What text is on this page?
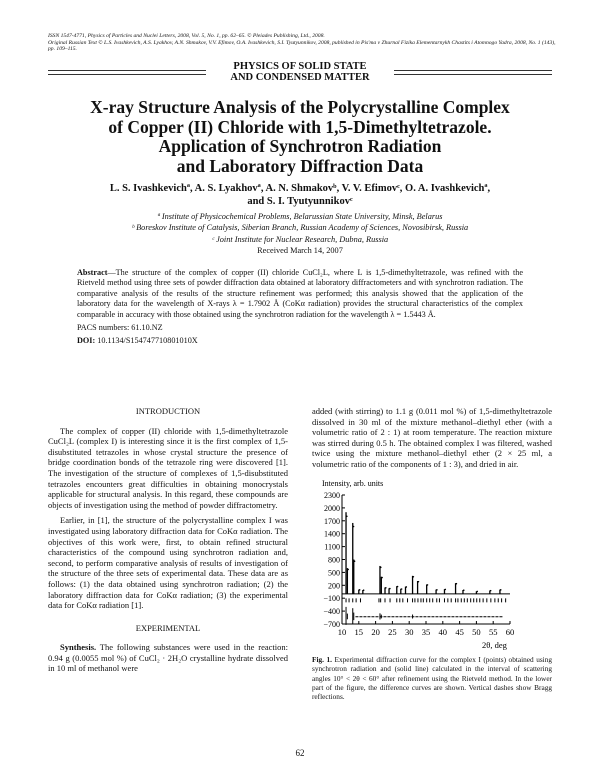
ISSN 1547-4771, Physics of Particles and Nuclei Letters, 2008, Vol. 5, No. 1, pp. 62–65. © Pleiades Publishing, Ltd., 2008.
Original Russian Text © L.S. Ivashkevich, A.S. Lyakhov, A.N. Shmakov, V.V. Efimov, O.A. Ivashkevich, S.I. Tyutyunnikov, 2008, published in Pis'ma v Zhurnal Fizika Elementarnykh Chastits i Atomnogo Yadra, 2008, No. 1 (143), pp. 109–115.
PHYSICS OF SOLID STATE
AND CONDENSED MATTER
X-ray Structure Analysis of the Polycrystalline Complex
of Copper (II) Chloride with 1,5-Dimethyltetrazole.
Application of Synchrotron Radiation
and Laboratory Diffraction Data
L. S. Ivashkevichª, A. S. Lyakhovª, A. N. Shmakovᵇ, V. V. Efimovᶜ, O. A. Ivashkevichª,
and S. I. Tyutyunnikovᶜ
ª Institute of Physicochemical Problems, Belarussian State University, Minsk, Belarus
ᵇ Boreskov Institute of Catalysis, Siberian Branch, Russian Academy of Sciences, Novosibirsk, Russia
ᶜ Joint Institute for Nuclear Research, Dubna, Russia
Received March 14, 2007

Abstract—The structure of the complex of copper (II) chloride CuCl₂L, where L is 1,5-dimethyltetrazole, was refined with the Rietveld method using three sets of powder diffraction data obtained at laboratory diffractometers and with synchrotron radiation. The comparative analysis of the results of the structure refinement was performed; this analysis showed that the application of the laboratory data for the wavelength of X-rays λ = 1.7902 Å (CoKα radiation) provides the structural characteristics of the complex comparable in accuracy with those obtained using the synchrotron radiation for the wavelength λ = 1.5443 Å.

PACS numbers: 61.10.NZ

DOI: 10.1134/S154747710801010X

INTRODUCTION

The complex of copper (II) chloride with 1,5-dimethyltetrazole CuCl₂L (complex I) is interesting since it is the first complex of 1,5-disubstituted tetrazoles in whose crystal structure the presence of bridge coordination bonds of the tetrazole ring were discovered [1]. The investigation of the structure of complexes of 1,5-disubstituted tetrazoles encounters great difficulties in obtaining monocrystals applicable for structural analysis. In this regard, these compounds are objects of investigation using the method of powder diffractometry.

Earlier, in [1], the structure of the polycrystalline complex I was investigated using laboratory diffraction data for CoKα radiation. The objectives of this work were, first, to obtain refined structural characteristics of the compound using synchrotron radiation and, second, to perform comparative analysis of results of investigation of the structure of the three sets of experimental data. These data are as follows: (1) the data obtained using synchrotron radiation; (2) the laboratory diffraction data for CoKα radiation; (3) the experimental data for CoKα radiation [1].

EXPERIMENTAL

Synthesis. The following substances were used in the reaction: 0.94 g (0.0055 mol %) of CuCl₂ · 2H₂O crystalline hydrate dissolved in 10 ml of methanol were

added (with stirring) to 1.1 g (0.011 mol %) of 1,5-dimethyltetrazole dissolved in 30 ml of the mixture methanol–diethyl ether (with a volumetric ratio of 2 : 1) at room temperature. The reaction mixture was stirred during 0.5 h. The obtained complex I was filtered, washed twice using the mixture methanol–diethyl ether (2 × 25 ml, a volumetric ratio of the components of 1 : 3), and dried in air.

Intensity, arb. units
2θ, deg
2300
2000
1700
1400
1100
800
500
200
−100
−400
−700
10 15 20 25 30 35 40 45 50 55 60
Fig. 1. Experimental diffraction curve for the complex I (points) obtained using synchrotron radiation and (solid line) calculated in the interval of scattering angles 10° < 2θ < 60° after refinement using the Rietveld method. In the lower part of the figure, the difference curves are shown. Vertical dashes show Bragg reflections.
62
